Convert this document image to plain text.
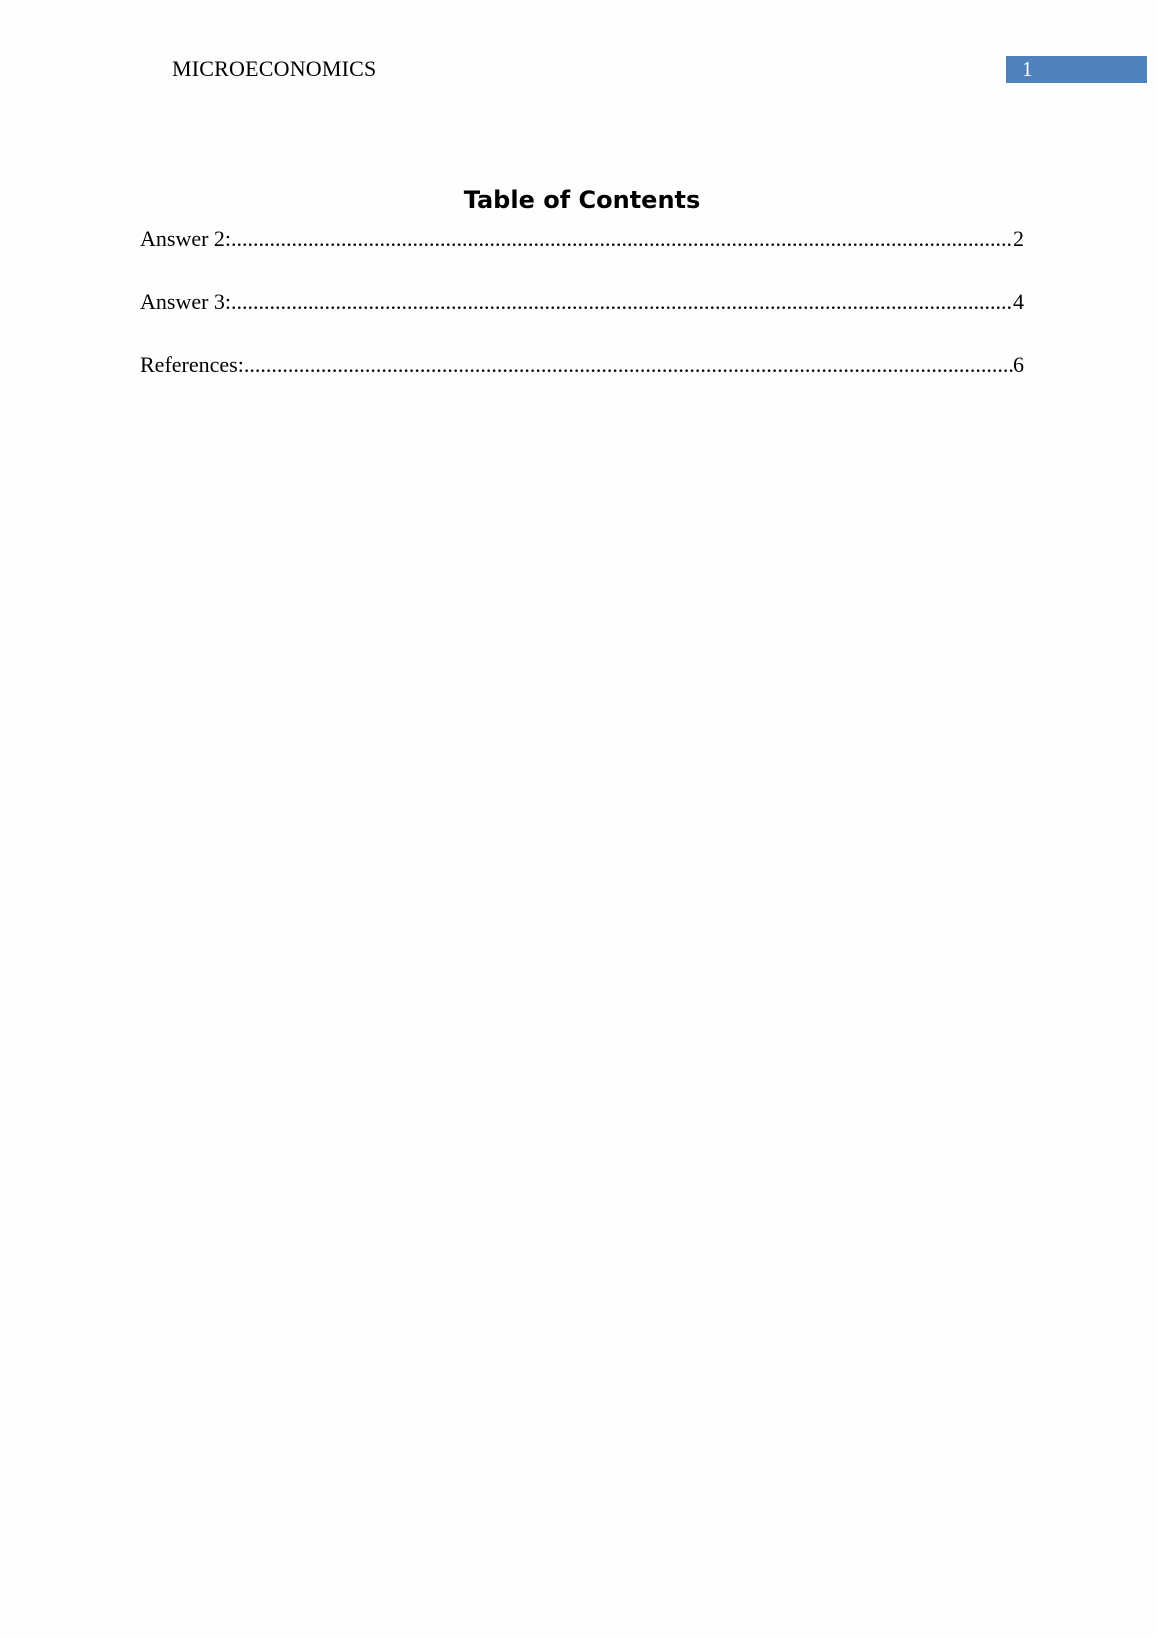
MICROECONOMICS	1
Table of Contents
Answer 2: .....	2
Answer 3: .....	4
References: .....	6
